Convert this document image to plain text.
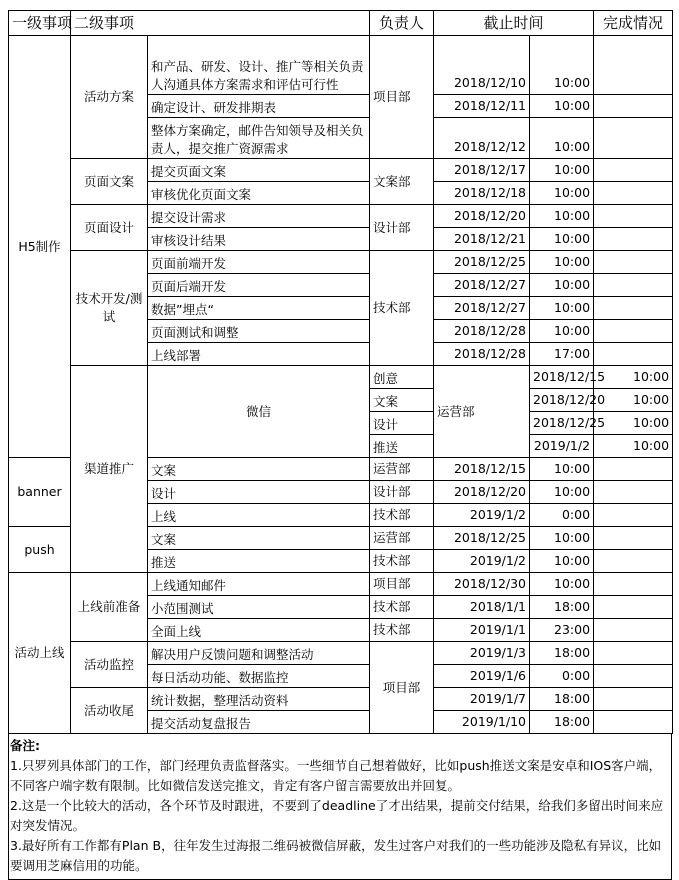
一级事项	二级事项		负责人	截止时间		完成情况	
H5制作	活动方案	和产品、研发、设计、推广等相关负责人沟通具体方案需求和评估可行性	项目部	2018/12/10	10:00		
		确定设计、研发排期表		2018/12/11	10:00		
		整体方案确定，邮件告知领导及相关负责人，提交推广资源需求		2018/12/12	10:00		
	页面文案	提交页面文案	文案部	2018/12/17	10:00		
		审核优化页面文案		2018/12/18	10:00		
	页面设计	提交设计需求	设计部	2018/12/20	10:00		
		审核设计结果		2018/12/21	10:00		
	技术开发/测试	页面前端开发	技术部	2018/12/25	10:00		
		页面后端开发		2018/12/27	10:00		
		数据”埋点“		2018/12/27	10:00		
		页面测试和调整		2018/12/28	10:00		
		上线部署		2018/12/28	17:00		
	渠道推广	微信	创意	运营部	2018/12/15	10:00	
			文案		2018/12/20	10:00	
			设计		2018/12/25	10:00	
			推送		2019/1/2	10:00	
banner		文案	运营部	2018/12/15	10:00		
		设计	设计部	2018/12/20	10:00		
		上线	技术部	2019/1/2	0:00		
push		文案	运营部	2018/12/25	10:00		
		推送	技术部	2019/1/2	10:00		
活动上线	上线前准备	上线通知邮件	项目部	2018/12/30	10:00		
		小范围测试	技术部	2018/1/1	18:00		
		全面上线	技术部	2019/1/1	23:00		
	活动监控	解决用户反馈问题和调整活动	项目部	2019/1/3	18:00		
		每日活动功能、数据监控		2019/1/6	0:00		
	活动收尾	统计数据，整理活动资料		2019/1/7	18:00		
		提交活动复盘报告		2019/1/10	18:00		

备注:

1.只罗列具体部门的工作，部门经理负责监督落实。一些细节自己想着做好，比如push推送文案是安卓和IOS客户端，不同客户端字数有限制。比如微信发送完推文，肯定有客户留言需要放出并回复。

2.这是一个比较大的活动，各个环节及时跟进，不要到了deadline了才出结果，提前交付结果，给我们多留出时间来应对突发情况。

3.最好所有工作都有Plan B，往年发生过海报二维码被微信屏蔽，发生过客户对我们的一些功能涉及隐私有异议，比如要调用芝麻信用的功能。
